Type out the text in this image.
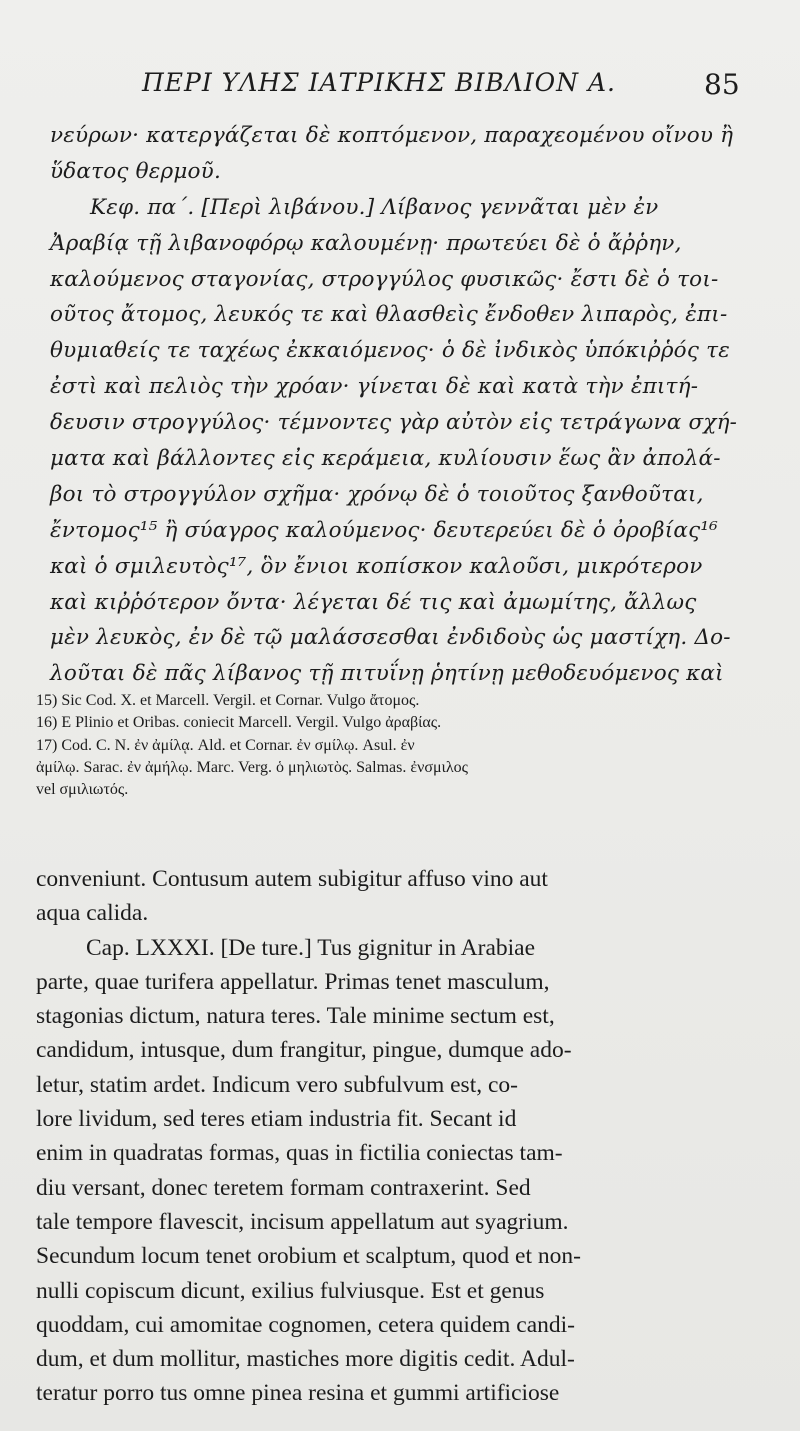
ΠΕΡΙ ΥΛΗΣ ΙΑΤΡΙΚΗΣ ΒΙΒΛΙΟΝ Α.	85
νεύρων· κατεργάζεται δὲ κοπτόμενον, παραχεομένου οἴνου ἢ
ὕδατος θερμοῦ.
Κεφ. πα΄. [Περὶ λιβάνου.] Λίβανος γεννᾶται μὲν ἐν
Ἀραβίᾳ τῇ λιβανοφόρῳ καλουμένῃ· πρωτεύει δὲ ὁ ἄῤῥην,
καλούμενος σταγονίας, στρογγύλος φυσικῶς· ἔστι δὲ ὁ τοι-
οῦτος ἄτομος, λευκός τε καὶ θλασθεὶς ἔνδοθεν λιπαρὸς, ἐπι-
θυμιαθείς τε ταχέως ἐκκαιόμενος· ὁ δὲ ἰνδικὸς ὑπόκιῤῥός τε
ἐστὶ καὶ πελιὸς τὴν χρόαν· γίνεται δὲ καὶ κατὰ τὴν ἐπιτή-
δευσιν στρογγύλος· τέμνοντες γὰρ αὐτὸν εἰς τετράγωνα σχή-
ματα καὶ βάλλοντες εἰς κεράμεια, κυλίουσιν ἕως ἂν ἀπολά-
βοι τὸ στρογγύλον σχῆμα· χρόνῳ δὲ ὁ τοιοῦτος ξανθοῦται,
ἔντομος¹⁵ ἢ σύαγρος καλούμενος· δευτερεύει δὲ ὁ ὀροβίας¹⁶
καὶ ὁ σμιλευτὸς¹⁷, ὃν ἔνιοι κοπίσκον καλοῦσι, μικρότερον
καὶ κιῤῥότερον ὄντα· λέγεται δέ τις καὶ ἀμωμίτης, ἄλλως
μὲν λευκὸς, ἐν δὲ τῷ μαλάσσεσθαι ἐνδιδοὺς ὡς μαστίχη. Δο-
λοῦται δὲ πᾶς λίβανος τῇ πιτυΐνῃ ῥητίνῃ μεθοδευόμενος καὶ
15) Sic Cod. X. et Marcell. Vergil. et Cornar. Vulgo ἄτομος.
16) E Plinio et Oribas. coniecit Marcell. Vergil. Vulgo ἀραβίας.
17) Cod. C. N. ἐν ἀμίλᾳ. Ald. et Cornar. ἐν σμίλῳ. Asul. ἐν
ἀμίλῳ. Sarac. ἐν ἀμήλῳ. Marc. Verg. ὁ μηλιωτὸς. Salmas. ἐνσμιλος
vel σμιλιωτός.
conveniunt. Contusum autem subigitur affuso vino aut
aqua calida.
Cap. LXXXI. [De ture.] Tus gignitur in Arabiae
parte, quae turifera appellatur. Primas tenet masculum,
stagonias dictum, natura teres. Tale minime sectum est,
candidum, intusque, dum frangitur, pingue, dumque ado-
letur, statim ardet. Indicum vero subfulvum est, co-
lore lividum, sed teres etiam industria fit. Secant id
enim in quadratas formas, quas in fictilia coniectas tam-
diu versant, donec teretem formam contraxerint. Sed
tale tempore flavescit, incisum appellatum aut syagrium.
Secundum locum tenet orobium et scalptum, quod et non-
nulli copiscum dicunt, exilius fulviusque. Est et genus
quoddam, cui amomitae cognomen, cetera quidem candi-
dum, et dum mollitur, mastiches more digitis cedit. Adul-
teratur porro tus omne pinea resina et gummi artificiose
